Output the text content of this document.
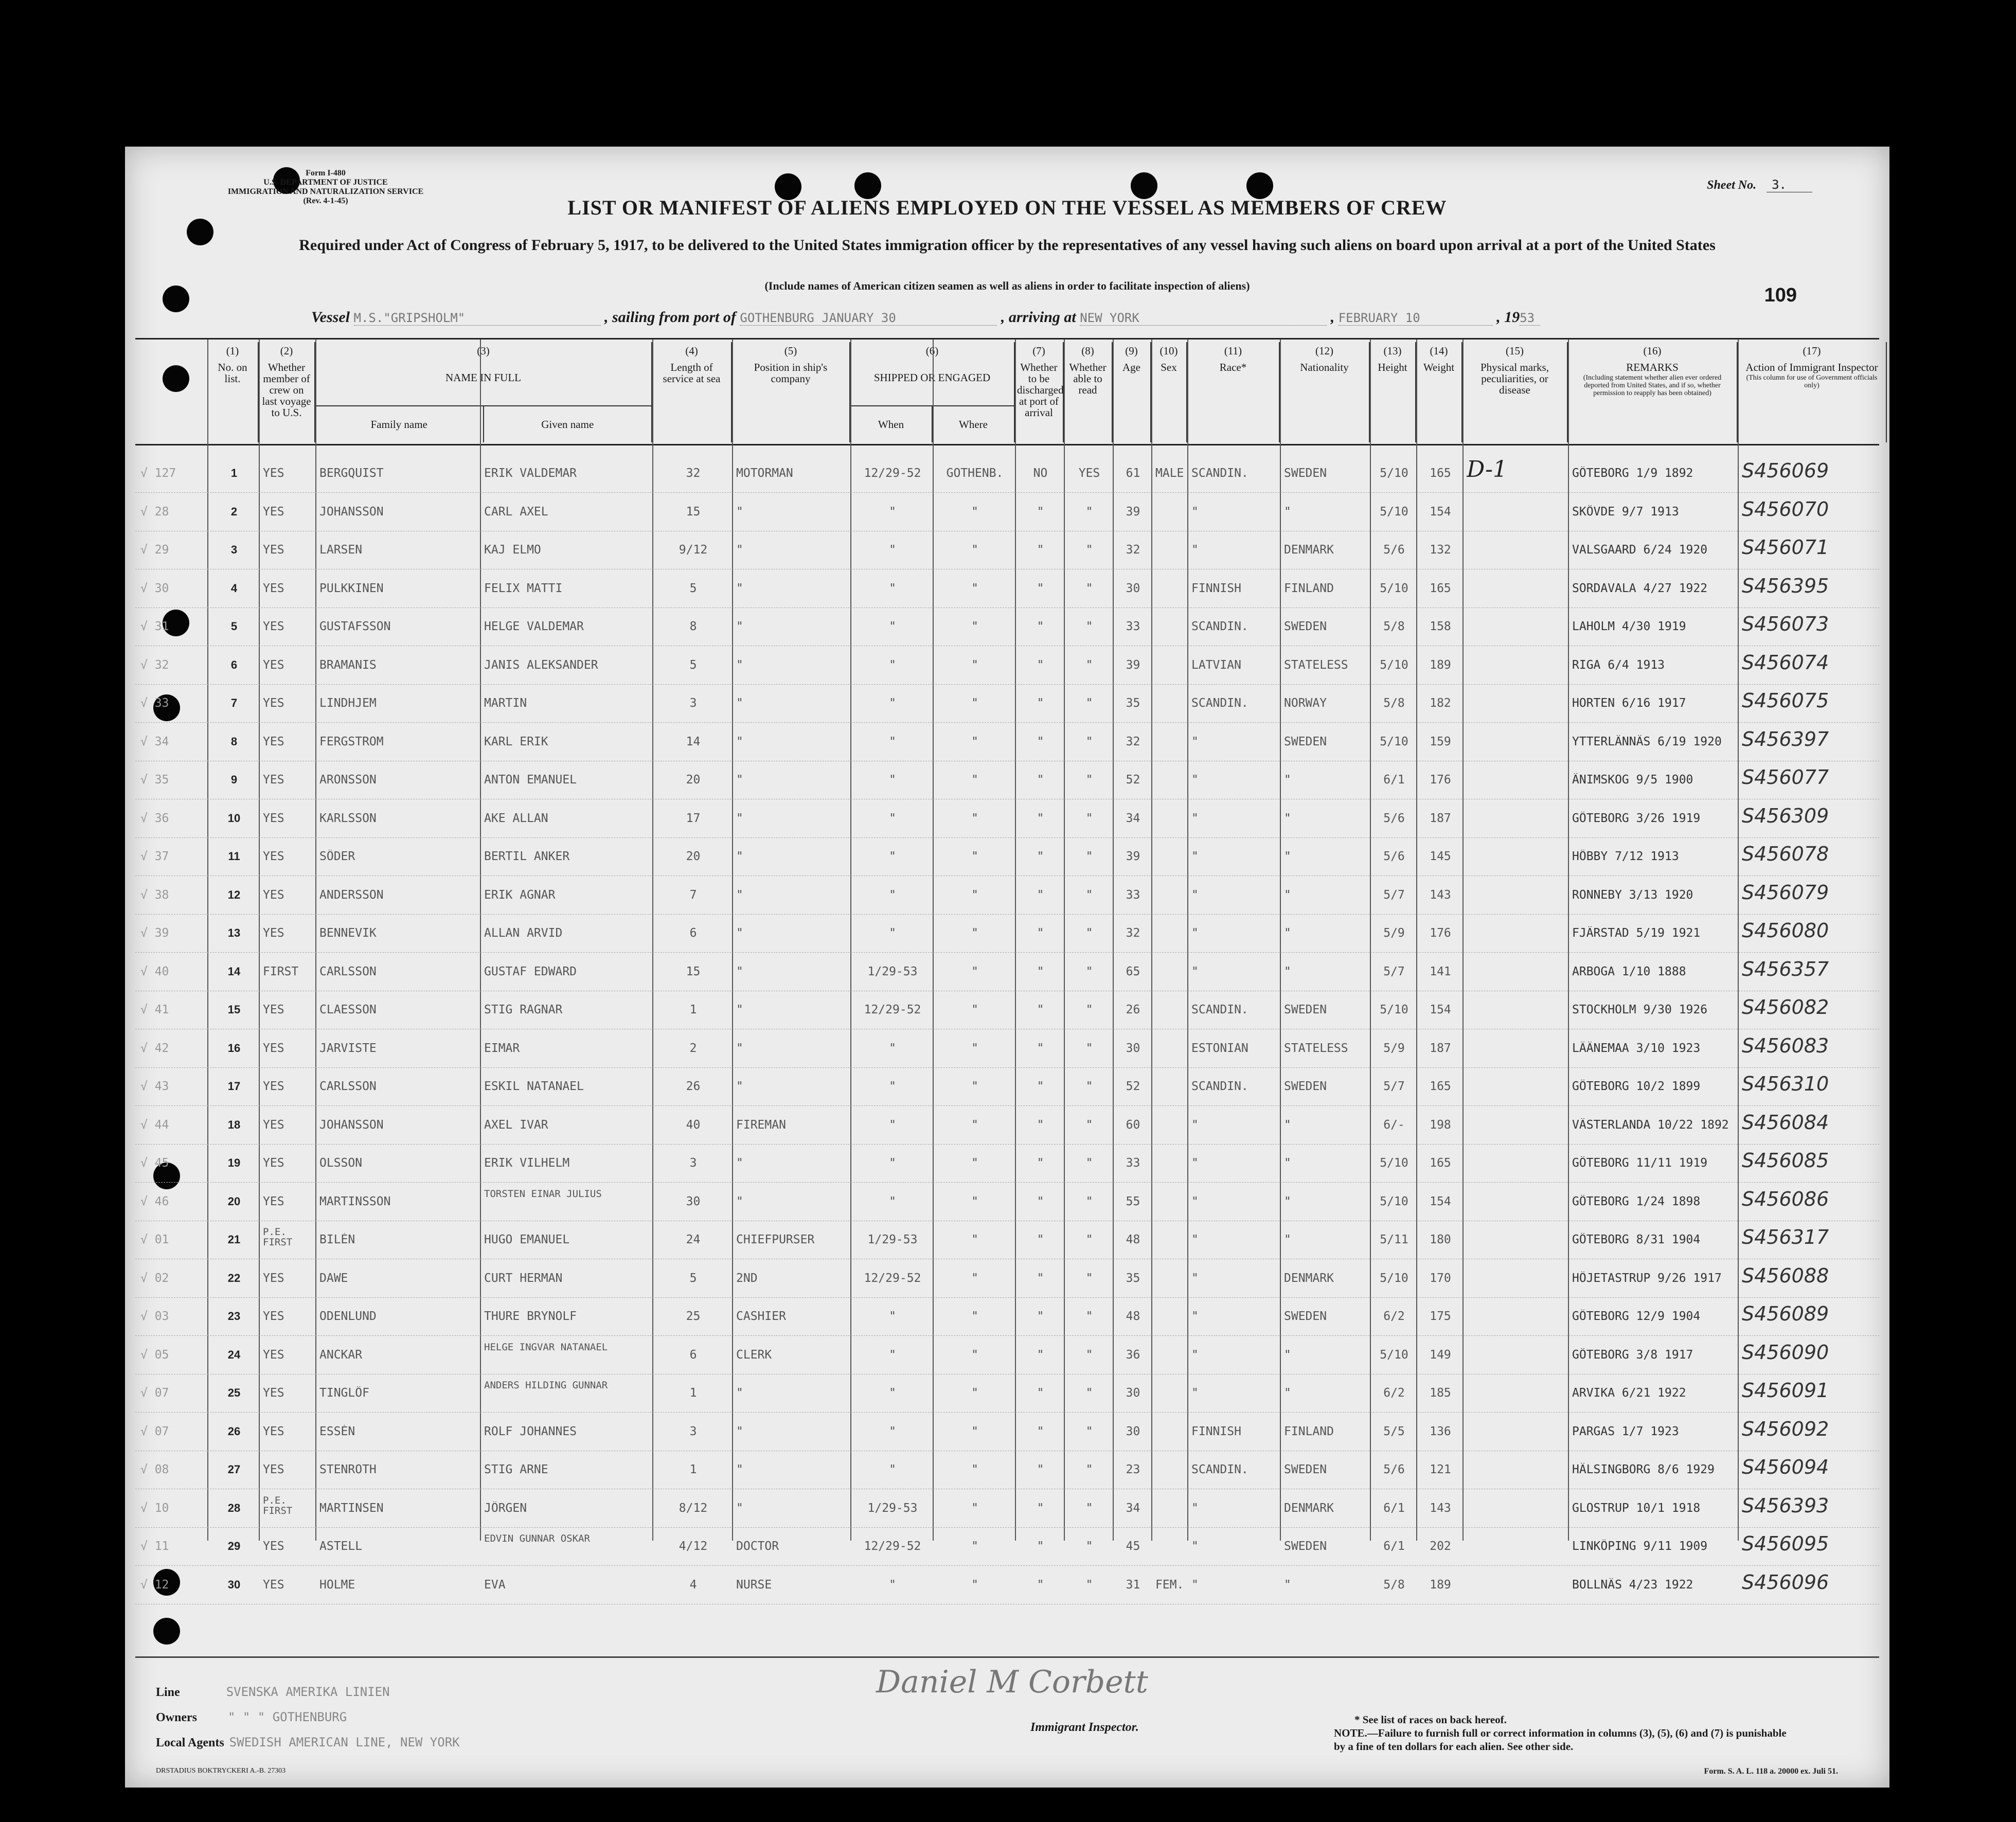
Form I-480
U.S. DEPARTMENT OF JUSTICE
IMMIGRATION AND NATURALIZATION SERVICE
(Rev. 4-1-45)
Sheet No. 3.
LIST OR MANIFEST OF ALIENS EMPLOYED ON THE VESSEL AS MEMBERS OF CREW
Required under Act of Congress of February 5, 1917, to be delivered to the United States immigration officer by the representatives of any vessel having such aliens on board upon arrival at a port of the United States
(Include names of American citizen seamen as well as aliens in order to facilitate inspection of aliens)	109
Vessel M.S."GRIPSHOLM"	, sailing from port of GOTHENBURG JANUARY 30	, arriving at NEW YORK	, FEBRUARY 10	, 1953
(1)
No. on list.
(2)
Whether member of crew on last voyage to U.S.
(3)
NAME IN FULL
Family name	Given name
(4)
Length of service at sea
(5)
Position in ship's company
(6)
SHIPPED OR ENGAGED
When	Where
(7)
Whether to be discharged at port of arrival
(8)
Whether able to read
(9)
Age
(10)
Sex
(11)
Race*
(12)
Nationality
(13)
Height
(14)
Weight
(15)
Physical marks, peculiarities, or disease
(16)
REMARKS
(Including statement whether alien ever ordered deported from United States, and if so, whether permission to reapply has been obtained)
(17)
Action of Immigrant Inspector
(This column for use of Government officials only)
√ 127	1	YES	BERGQUIST	ERIK VALDEMAR	32	MOTORMAN	12/29-52	GOTHENB.	NO	YES	61	MALE SCANDIN.	SWEDEN	5/10	165 D-1	GÖTEBORG 1/9 1892	S456069
√ 28	2	YES	JOHANSSON	CARL AXEL	15	"	"	"	"	"	39	"	"	5/10	154	SKÖVDE 9/7 1913	S456070
√ 29	3	YES	LARSEN	KAJ ELMO	9/12	"	"	"	"	"	32	"	DENMARK	5/6	132	VALSGAARD 6/24 1920	S456071
√ 30	4	YES	PULKKINEN	FELIX MATTI	5	"	"	"	"	"	30	FINNISH	FINLAND	5/10	165	SORDAVALA 4/27 1922	S456395
√ 31	5	YES	GUSTAFSSON	HELGE VALDEMAR	8	"	"	"	"	"	33	SCANDIN.	SWEDEN	5/8	158	LAHOLM 4/30 1919	S456073
√ 32	6	YES	BRAMANIS	JANIS ALEKSANDER	5	"	"	"	"	"	39	LATVIAN	STATELESS	5/10	189	RIGA 6/4 1913	S456074
√ 33	7	YES	LINDHJEM	MARTIN	3	"	"	"	"	"	35	SCANDIN.	NORWAY	5/8	182	HORTEN 6/16 1917	S456075
√ 34	8	YES	FERGSTROM	KARL ERIK	14	"	"	"	"	"	32	"	SWEDEN	5/10	159	YTTERLÄNNÄS 6/19 1920	S456397
√ 35	9	YES	ARONSSON	ANTON EMANUEL	20	"	"	"	"	"	52	"	"	6/1	176	ÄNIMSKOG 9/5 1900	S456077
√ 36	10	YES	KARLSSON	AKE ALLAN	17	"	"	"	"	"	34	"	"	5/6	187	GÖTEBORG 3/26 1919	S456309
√ 37	11	YES	SÖDER	BERTIL ANKER	20	"	"	"	"	"	39	"	"	5/6	145	HÖBBY 7/12 1913	S456078
√ 38	12	YES	ANDERSSON	ERIK AGNAR	7	"	"	"	"	"	33	"	"	5/7	143	RONNEBY 3/13 1920	S456079
√ 39	13	YES	BENNEVIK	ALLAN ARVID	6	"	"	"	"	"	32	"	"	5/9	176	FJÄRSTAD 5/19 1921	S456080
√ 40	14	FIRST	CARLSSON	GUSTAF EDWARD	15	"	1/29-53	"	"	"	65	"	"	5/7	141	ARBOGA 1/10 1888	S456357
√ 41	15	YES	CLAESSON	STIG RAGNAR	1	"	12/29-52	"	"	"	26	SCANDIN.	SWEDEN	5/10	154	STOCKHOLM 9/30 1926	S456082
√ 42	16	YES	JARVISTE	EIMAR	2	"	"	"	"	"	30	ESTONIAN	STATELESS	5/9	187	LÄÄNEMAA 3/10 1923	S456083
√ 43	17	YES	CARLSSON	ESKIL NATANAEL	26	"	"	"	"	"	52	SCANDIN.	SWEDEN	5/7	165	GÖTEBORG 10/2 1899	S456310
√ 44	18	YES	JOHANSSON	AXEL IVAR	40	FIREMAN	"	"	"	"	60	"	"	6/-	198	VÄSTERLANDA 10/22 1892 S456084
√ 45	19	YES	OLSSON	ERIK VILHELM	3	"	"	"	"	"	33	"	"	5/10	165	GÖTEBORG 11/11 1919	S456085
√ 46	20	YES	MARTINSSON
TORSTEN EINAR JULIUS
30	"	"	"	"	"	55	"	"	5/10	154	GÖTEBORG 1/24 1898	S456086
√ 01	21
P.E. FIRST	BILÉN	HUGO EMANUEL	24	CHIEFPURSER	1/29-53	"	"	"	48	"	"	5/11	180	GÖTEBORG 8/31 1904	S456317
√ 02	22	YES	DAWE	CURT HERMAN	5	2ND	12/29-52	"	"	"	35	"	DENMARK	5/10	170	HÖJETASTRUP 9/26 1917	S456088
√ 03	23	YES	ODENLUND	THURE BRYNOLF	25	CASHIER	"	"	"	"	48	"	SWEDEN	6/2	175	GÖTEBORG 12/9 1904	S456089
√ 05	24	YES	ANCKAR
HELGE INGVAR NATANAEL
6	CLERK	"	"	"	"	36	"	"	5/10	149	GÖTEBORG 3/8 1917	S456090
√ 07	25	YES	TINGLÖF
ANDERS HILDING GUNNAR
1	"	"	"	"	"	30	"	"	6/2	185	ARVIKA 6/21 1922	S456091
√ 07	26	YES	ESSÉN	ROLF JOHANNES	3	"	"	"	"	"	30	FINNISH	FINLAND	5/5	136	PARGAS 1/7 1923	S456092
√ 08	27	YES	STENROTH	STIG ARNE	1	"	"	"	"	"	23	SCANDIN.	SWEDEN	5/6	121	HÄLSINGBORG 8/6 1929	S456094
√ 10	28
P.E. FIRST	MARTINSEN	JÖRGEN	8/12	"	1/29-53	"	"	"	34	"	DENMARK	6/1	143	GLOSTRUP 10/1 1918	S456393
√ 11	29	YES	ASTELL
EDVIN GUNNAR OSKAR
4/12	DOCTOR	12/29-52	"	"	"	45	"	SWEDEN	6/1	202	LINKÖPING 9/11 1909	S456095
√ 12	30	YES	HOLME	EVA	4	NURSE	"	"	"	"	31	FEM. "	"	5/8	189	BOLLNÄS 4/23 1922	S456096
Line	SVENSKA AMERIKA LINIEN
Owners	" " " GOTHENBURG
Local Agents SWEDISH AMERICAN LINE, NEW YORK
Daniel M Corbett
Immigrant Inspector.
* See list of races on back hereof.
NOTE.—Failure to furnish full or correct information in columns (3), (5), (6) and (7) is punishable by a fine of ten dollars for each alien. See other side.
DRSTADIUS BOKTRYCKERI A.-B. 27303	Form. S. A. L. 118 a. 20000 ex. Juli 51.
